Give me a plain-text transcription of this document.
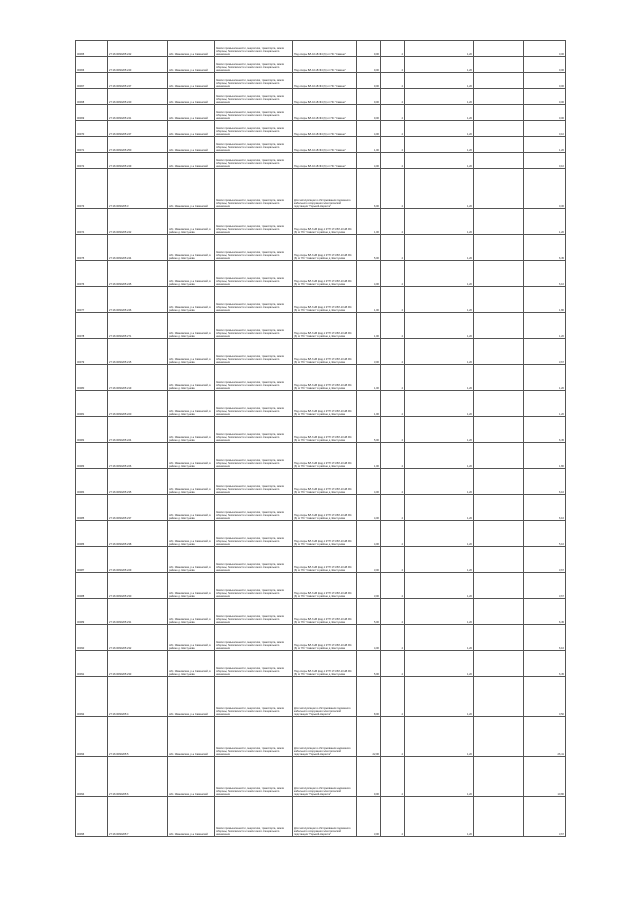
00065	27:16:0060205:242	обл. Ивановская, р-н Савинский	Земли промышленности, энергетики, транспорта, земли обороны, безопасности и земли иного специального назначения	Под опоры ВЛ-10 кВ Ф4 (6) от ПС "Савино"	9,00	4	1,20		0,06
00066	27:16:0060205:243	обл. Ивановская, р-н Савинский	Земли промышленности, энергетики, транспорта, земли обороны, безопасности и земли иного специального назначения	Под опоры ВЛ-10 кВ Ф4 (6) от ПС "Савино"	9,00	4	1,20		0,06
00067	27:16:0060205:247	обл. Ивановская, р-н Савинский	Земли промышленности, энергетики, транспорта, земли обороны, безопасности и земли иного специального назначения	Под опоры ВЛ-10 кВ Ф4 (6) от ПС "Савино"	9,00	4	1,20		0,06
00068	27:16:0060205:240	обл. Ивановская, р-н Савинский	Земли промышленности, энергетики, транспорта, земли обороны, безопасности и земли иного специального назначения	Под опоры ВЛ-10 кВ Ф4 (6) от ПС "Савино"	9,00	4	1,20		0,06
00069	27:16:0060205:241	обл. Ивановская, р-н Савинский	Земли промышленности, энергетики, транспорта, земли обороны, безопасности и земли иного специального назначения	Под опоры ВЛ-10 кВ Ф4 (6) от ПС "Савино"	9,00	4	1,20		0,06
00070	27:16:0060205:247	обл. Ивановская, р-н Савинский	Земли промышленности, энергетики, транспорта, земли обороны, безопасности и земли иного специального назначения	Под опоры ВЛ-10 кВ Ф4 (6) от ПС "Савино"	4,00	4	1,20		0,10
00071	27:16:0060205:250	обл. Ивановская, р-н Савинский	Земли промышленности, энергетики, транспорта, земли обороны, безопасности и земли иного специального назначения	Под опоры ВЛ-10 кВ Ф4 (6) от ПС "Савино"	1,00	4	1,20		1,20
00072	27:16:0060205:249	обл. Ивановская, р-н Савинский	Земли промышленности, энергетики, транспорта, земли обороны, безопасности и земли иного специального назначения	Под опоры ВЛ-10 кВ Ф4 (6) от ПС "Савино"	4,00	4	1,20		0,10
00073	27:16:0060205:3	обл. Ивановская, р-н Савинский	Земли промышленности, энергетики, транспорта, земли обороны, безопасности и земли иного специального назначения	Для эксплуатации и обслуживания подземного кабельного сооружения электрической подстанции "Горький-Нерехта"	6,00	4	1,20		0,36
00074	27:16:0060205:242	обл. Ивановская, р-н Савинский, в районе д. Шестунова	Земли промышленности, энергетики, транспорта, земли обороны, безопасности и земли иного специального назначения	Под опоры ВЛ-6 кВ фид.1 КТП 171 ВЛ-10 кВ Ф4 (6) от ПС "Савино" в районе д. Шестунова	1,00	4	1,20		1,20
00075	27:16:0060205:244	обл. Ивановская, р-н Савинский, в районе д. Шестунова	Земли промышленности, энергетики, транспорта, земли обороны, безопасности и земли иного специального назначения	Под опоры ВЛ-6 кВ фид.1 КТП 171 ВЛ-10 кВ Ф4 (6) от ПС "Савино" в районе д. Шестунова	5,00	4	1,20		6,45
00076	27:16:0060205:245	обл. Ивановская, р-н Савинский, в районе д. Шестунова	Земли промышленности, энергетики, транспорта, земли обороны, безопасности и земли иного специального назначения	Под опоры ВЛ-6 кВ фид.1 КТП 171 ВЛ-10 кВ Ф4 (6) от ПС "Савино" в районе д. Шестунова	4,00	4	1,20		6,16
00077	27:16:0060205:246	обл. Ивановская, р-н Савинский, в районе д. Шестунова	Земли промышленности, энергетики, транспорта, земли обороны, безопасности и земли иного специального назначения	Под опоры ВЛ-6 кВ фид.1 КТП 171 ВЛ-10 кВ Ф4 (6) от ПС "Савино" в районе д. Шестунова	1,00	4	1,20		1,80
00078	27:16:0060205:271	обл. Ивановская, р-н Савинский, в районе д. Шестунова	Земли промышленности, энергетики, транспорта, земли обороны, безопасности и земли иного специального назначения	Под опоры ВЛ-6 кВ фид.1 КТП 171 ВЛ-10 кВ Ф4 (6) от ПС "Савино" в районе д. Шестунова	1,00	4	1,20		1,20
00079	27:16:0060205:215	обл. Ивановская, р-н Савинский, в районе д. Шестунова	Земли промышленности, энергетики, транспорта, земли обороны, безопасности и земли иного специального назначения	Под опоры ВЛ-6 кВ фид.1 КТП 171 ВЛ-10 кВ Ф4 (6) от ПС "Савино" в районе д. Шестунова	3,00	4	1,20		3,67
00080	27:16:0060205:219	обл. Ивановская, р-н Савинский, в районе д. Шестунова	Земли промышленности, энергетики, транспорта, земли обороны, безопасности и земли иного специального назначения	Под опоры ВЛ-6 кВ фид.1 КТП 171 ВЛ-10 кВ Ф4 (6) от ПС "Савино" в районе д. Шестунова	1,00	4	1,20		1,20
00081	27:16:0060205:220	обл. Ивановская, р-н Савинский, в районе д. Шестунова	Земли промышленности, энергетики, транспорта, земли обороны, безопасности и земли иного специального назначения	Под опоры ВЛ-6 кВ фид.1 КТП 171 ВЛ-10 кВ Ф4 (6) от ПС "Савино" в районе д. Шестунова	1,00	4	1,20		1,20
00082	27:16:0060205:224	обл. Ивановская, р-н Савинский, в районе д. Шестунова	Земли промышленности, энергетики, транспорта, земли обороны, безопасности и земли иного специального назначения	Под опоры ВЛ-6 кВ фид.1 КТП 171 ВЛ-10 кВ Ф4 (6) от ПС "Савино" в районе д. Шестунова	5,00	4	1,20		6,45
00083	27:16:0060205:226	обл. Ивановская, р-н Савинский, в районе д. Шестунова	Земли промышленности, энергетики, транспорта, земли обороны, безопасности и земли иного специального назначения	Под опоры ВЛ-6 кВ фид.1 КТП 171 ВЛ-10 кВ Ф4 (6) от ПС "Савино" в районе д. Шестунова	1,00	4	1,20		1,80
00084	27:16:0060205:235	обл. Ивановская, р-н Савинский, в районе д. Шестунова	Земли промышленности, энергетики, транспорта, земли обороны, безопасности и земли иного специального назначения	Под опоры ВЛ-6 кВ фид.1 КТП 171 ВЛ-10 кВ Ф4 (6) от ПС "Савино" в районе д. Шестунова	4,00	4	1,20		6,16
00085	27:16:0060205:237	обл. Ивановская, р-н Савинский, в районе д. Шестунова	Земли промышленности, энергетики, транспорта, земли обороны, безопасности и земли иного специального назначения	Под опоры ВЛ-6 кВ фид.1 КТП 171 ВЛ-10 кВ Ф4 (6) от ПС "Савино" в районе д. Шестунова	4,00	4	1,20		6,16
00086	27:16:0060205:238	обл. Ивановская, р-н Савинский, в районе д. Шестунова	Земли промышленности, энергетики, транспорта, земли обороны, безопасности и земли иного специального назначения	Под опоры ВЛ-6 кВ фид.1 КТП 171 ВЛ-10 кВ Ф4 (6) от ПС "Савино" в районе д. Шестунова	4,00	4	1,20		5,16
00087	27:16:0060205:229	обл. Ивановская, р-н Савинский, в районе д. Шестунова	Земли промышленности, энергетики, транспорта, земли обороны, безопасности и земли иного специального назначения	Под опоры ВЛ-6 кВ фид.1 КТП 171 ВЛ-10 кВ Ф4 (6) от ПС "Савино" в районе д. Шестунова	3,00	4	1,20		3,67
00088	27:16:0060205:230	обл. Ивановская, р-н Савинский, в районе д. Шестунова	Земли промышленности, энергетики, транспорта, земли обороны, безопасности и земли иного специального назначения	Под опоры ВЛ-6 кВ фид.1 КТП 171 ВЛ-10 кВ Ф4 (6) от ПС "Савино" в районе д. Шестунова	3,00	4	1,20		3,67
00089	27:16:0060205:231	обл. Ивановская, р-н Савинский, в районе д. Шестунова	Земли промышленности, энергетики, транспорта, земли обороны, безопасности и земли иного специального назначения	Под опоры ВЛ-6 кВ фид.1 КТП 171 ВЛ-10 кВ Ф4 (6) от ПС "Савино" в районе д. Шестунова	5,00	4	1,20		6,45
00090	27:16:0060205:232	обл. Ивановская, р-н Савинский, в районе д. Шестунова	Земли промышленности, энергетики, транспорта, земли обороны, безопасности и земли иного специального назначения	Под опоры ВЛ-6 кВ фид.1 КТП 171 ВЛ-10 кВ Ф4 (6) от ПС "Савино" в районе д. Шестунова	4,00	4	1,20		6,16
00091	27:16:0060205:233	обл. Ивановская, р-н Савинский, в районе д. Шестунова	Земли промышленности, энергетики, транспорта, земли обороны, безопасности и земли иного специального назначения	Под опоры ВЛ-6 кВ фид.1 КТП 171 ВЛ-10 кВ Ф4 (6) от ПС "Савино" в районе д. Шестунова	5,00	4	1,20		6,45
00092	27:16:0060205:4	обл. Ивановская, р-н Савинский	Земли промышленности, энергетики, транспорта, земли обороны, безопасности и земли иного специального назначения	Для эксплуатации и обслуживания подземного кабельного сооружения электрической подстанции "Горький-Нерехта"	8,00	4	1,20		0,50
00093	27:16:0060205:5	обл. Ивановская, р-н Савинский	Земли промышленности, энергетики, транспорта, земли обороны, безопасности и земли иного специального назначения	Для эксплуатации и обслуживания надземного кабельного сооружения электрической подстанции "Горький-Нерехта"	22,00	4	1,20		26,41
00094	27:16:0060205:6	обл. Ивановская, р-н Савинский	Земли промышленности, энергетики, транспорта, земли обороны, безопасности и земли иного специального назначения	Для эксплуатации и обслуживания надземного кабельного сооружения электрической подстанции "Горький-Нерехта"	9,00	4	1,20		10,80
00095	27:16:0060205:7	обл. Ивановская, р-н Савинский	Земли промышленности, энергетики, транспорта, земли обороны, безопасности и земли иного специального назначения	Для эксплуатации и обслуживания подземного кабельного сооружения электрической подстанции "Горький-Нерехта"	3,00	4	1,20		3,67
